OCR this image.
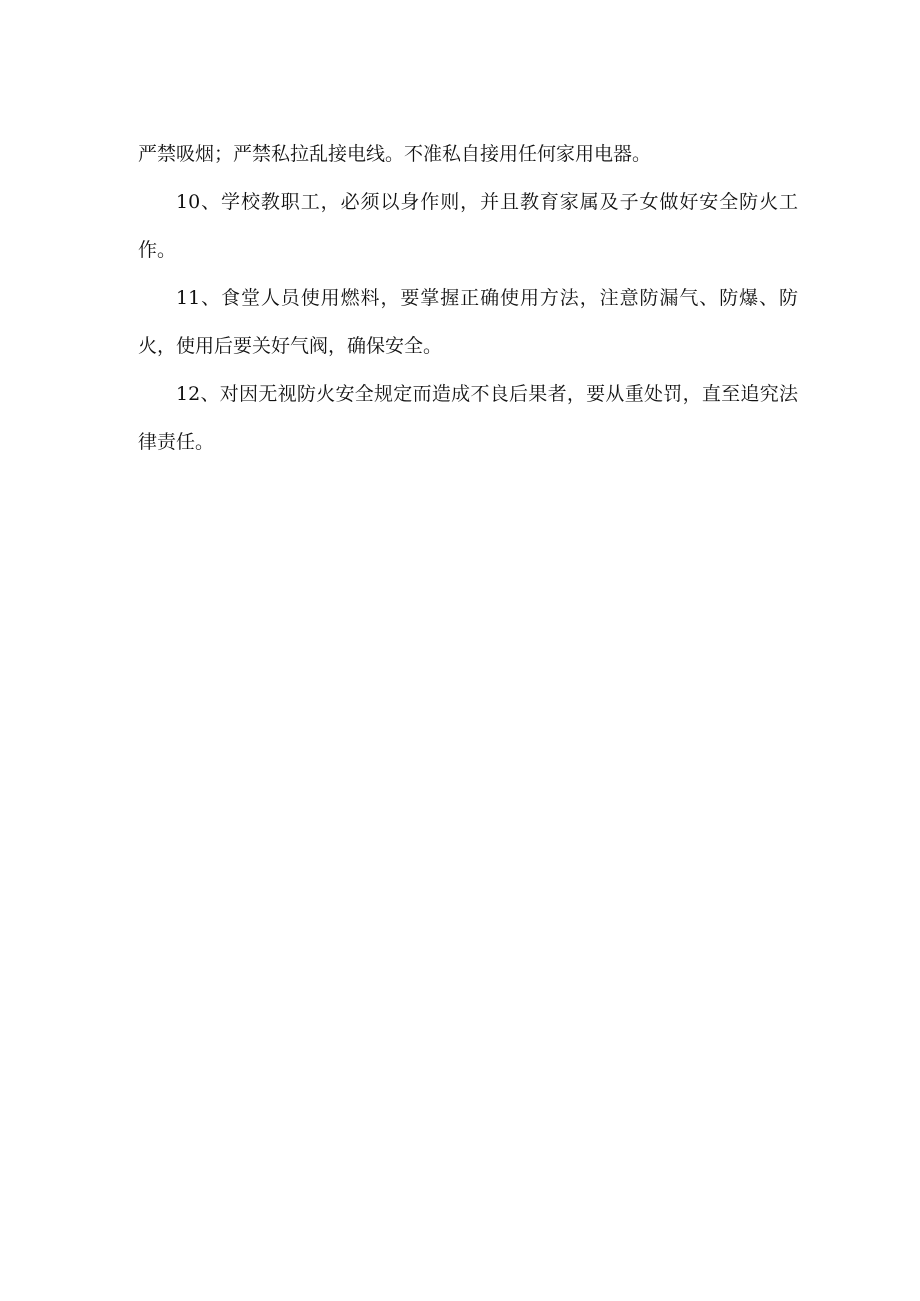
严禁吸烟；严禁私拉乱接电线。不准私自接用任何家用电器。

10、学校教职工，必须以身作则，并且教育家属及子女做好安全防火工作。

11、食堂人员使用燃料，要掌握正确使用方法，注意防漏气、防爆、防火，使用后要关好气阀，确保安全。

12、对因无视防火安全规定而造成不良后果者，要从重处罚，直至追究法律责任。
